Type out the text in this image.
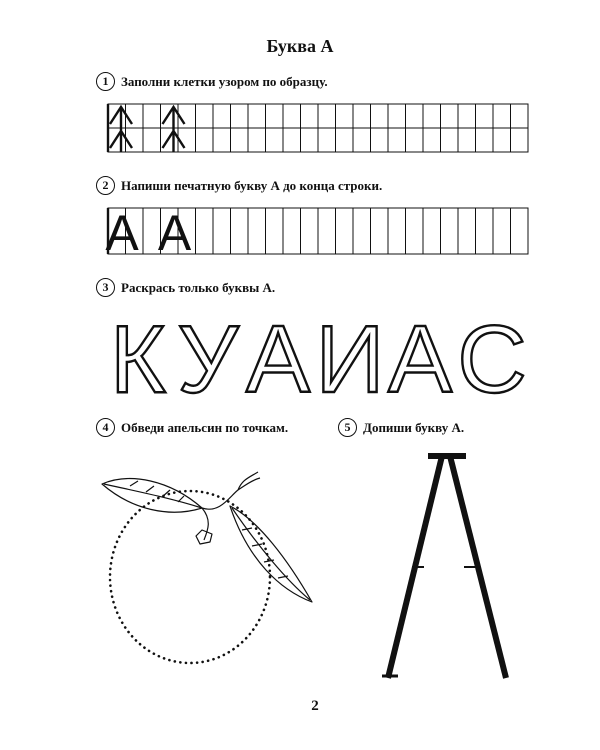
Буква А
1 Заполни клетки узором по образцу.
2 Напиши печатную букву А до конца строки.
A A
3 Раскрась только буквы А.
К У А И А С
4 Обведи апельсин по точкам.	5 Допиши букву А.
2
